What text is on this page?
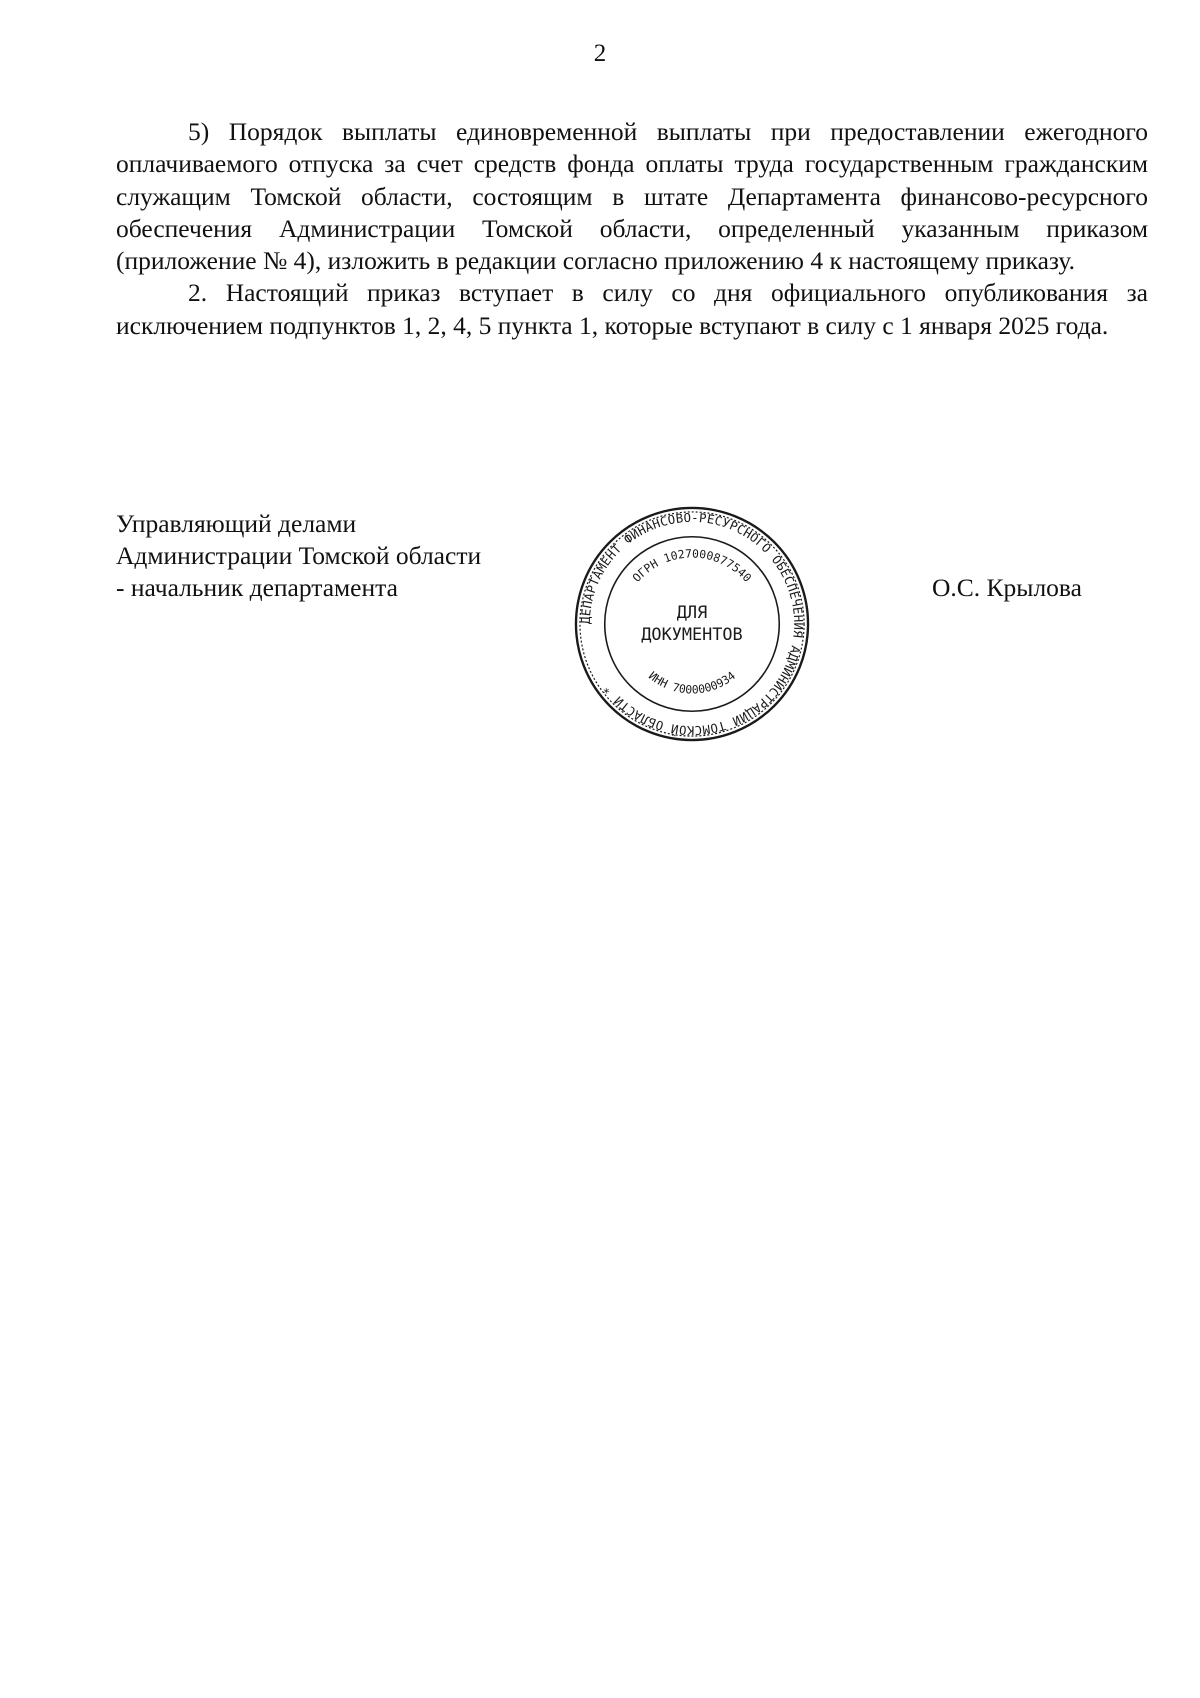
2

5) Порядок выплаты единовременной выплаты при предоставлении ежегодного оплачиваемого отпуска за счет средств фонда оплаты труда государственным гражданским служащим Томской области, состоящим в штате Департамента финансово-ресурсного обеспечения Администрации Томской области, определенный указанным приказом (приложение № 4), изложить в редакции согласно приложению 4 к настоящему приказу.

2. Настоящий приказ вступает в силу со дня официального опубликования за исключением подпунктов 1, 2, 4, 5 пункта 1, которые вступают в силу с 1 января 2025 года.

Управляющий делами
Администрации Томской области
- начальник департамента
ДЕПАРТАМЕНТ ФИНАНСОВО-РЕСУРСНОГО ОБЕСПЕЧЕНИЯ АДМИНИСТРАЦИИ ТОМСКОЙ ОБЛАСТИ *
ОГРН 1027000877540
ИНН 7000000934
ДЛЯ
ДОКУМЕНТОВ
О.С. Крылова
